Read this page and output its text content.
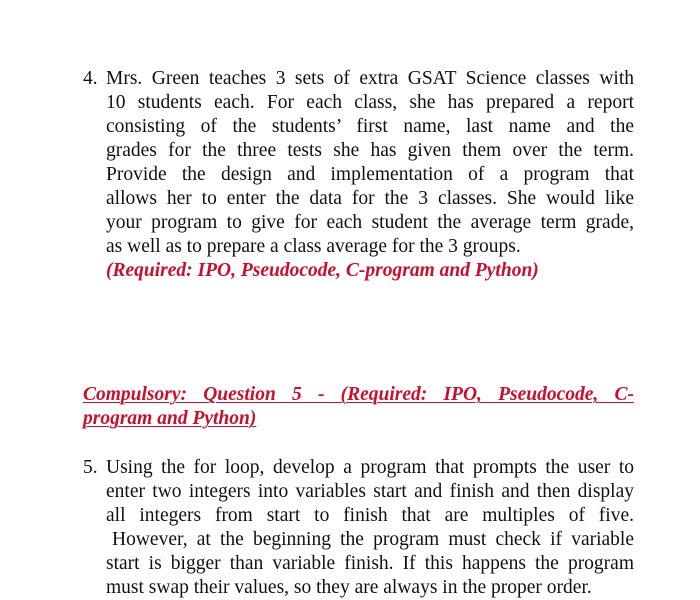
4. Mrs. Green teaches 3 sets of extra GSAT Science classes with
10 students each. For each class, she has prepared a report
consisting of the students’ first name, last name and the
grades for the three tests she has given them over the term.
Provide the design and implementation of a program that
allows her to enter the data for the 3 classes. She would like
your program to give for each student the average term grade,
as well as to prepare a class average for the 3 groups.
(Required: IPO, Pseudocode, C-program and Python)
Compulsory: Question 5 - (Required: IPO, Pseudocode, C-
program and Python)
5. Using the for loop, develop a program that prompts the user to
enter two integers into variables start and finish and then display
all integers from start to finish that are multiples of five.
However, at the beginning the program must check if variable
start is bigger than variable finish. If this happens the program
must swap their values, so they are always in the proper order.
